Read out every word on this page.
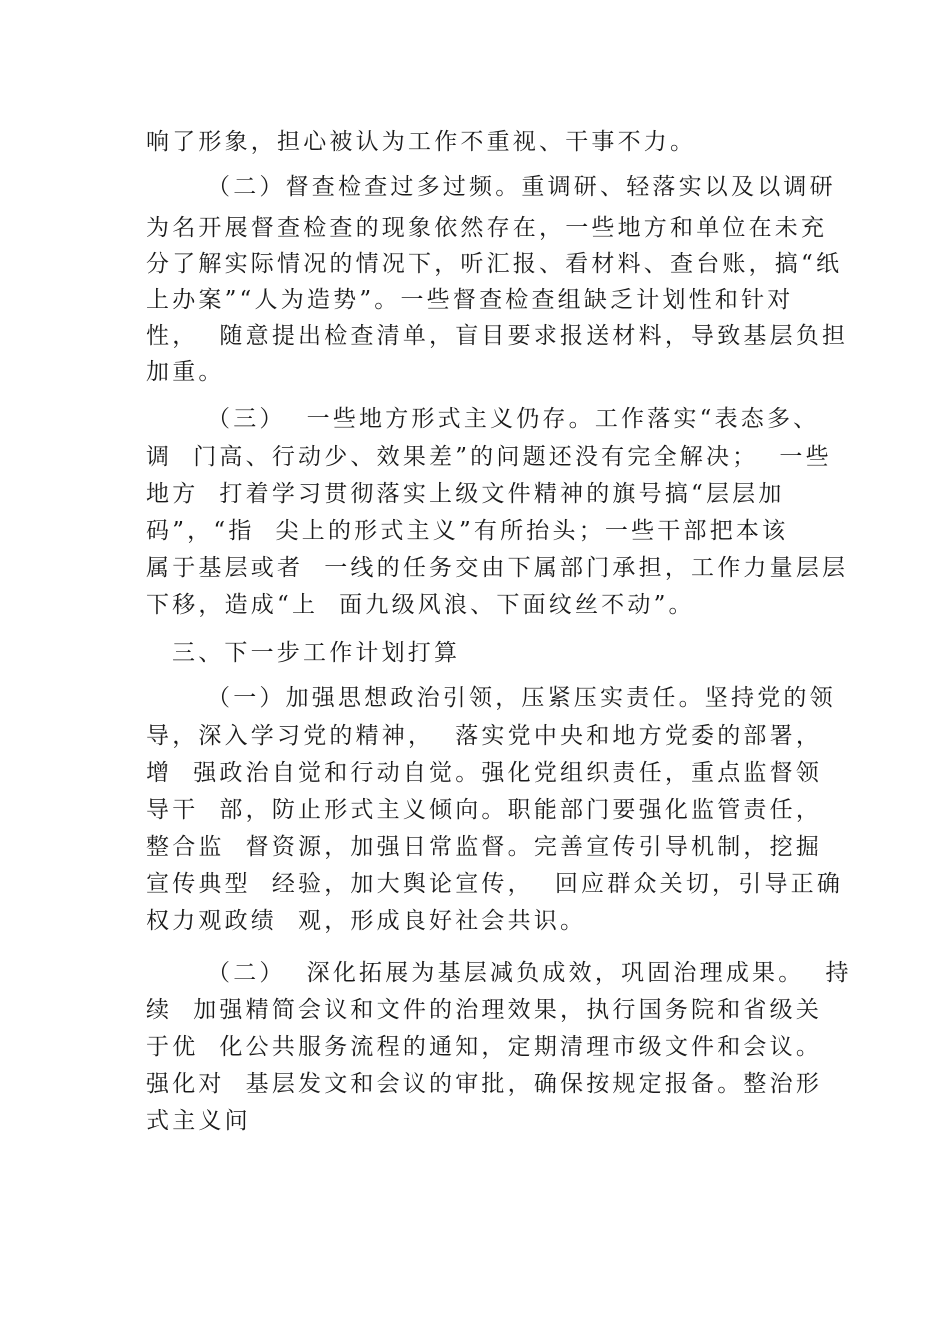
响了形象，担心被认为工作不重视、干事不力。
（二）督查检查过多过频。重调研、轻落实以及以调研
为名开展督查检查的现象依然存在，一些地方和单位在未充
分了解实际情况的情况下，听汇报、看材料、查台账，搞“纸
上办案”“人为造势”。一些督查检查组缺乏计划性和针对
性，  随意提出检查清单，盲目要求报送材料，导致基层负担
加重。
（三）  一些地方形式主义仍存。工作落实“表态多、
调  门高、行动少、效果差”的问题还没有完全解决；  一些
地方  打着学习贯彻落实上级文件精神的旗号搞“层层加
码”，“指  尖上的形式主义”有所抬头；一些干部把本该
属于基层或者  一线的任务交由下属部门承担，工作力量层层
下移，造成“上  面九级风浪、下面纹丝不动”。
三、下一步工作计划打算
（一）加强思想政治引领，压紧压实责任。坚持党的领
导，深入学习党的精神，  落实党中央和地方党委的部署，
增  强政治自觉和行动自觉。强化党组织责任，重点监督领
导干  部，防止形式主义倾向。职能部门要强化监管责任，
整合监  督资源，加强日常监督。完善宣传引导机制，挖掘
宣传典型  经验，加大舆论宣传，  回应群众关切，引导正确
权力观政绩  观，形成良好社会共识。
（二）  深化拓展为基层减负成效，巩固治理成果。  持
续  加强精简会议和文件的治理效果，执行国务院和省级关
于优  化公共服务流程的通知，定期清理市级文件和会议。
强化对  基层发文和会议的审批，确保按规定报备。整治形
式主义问
